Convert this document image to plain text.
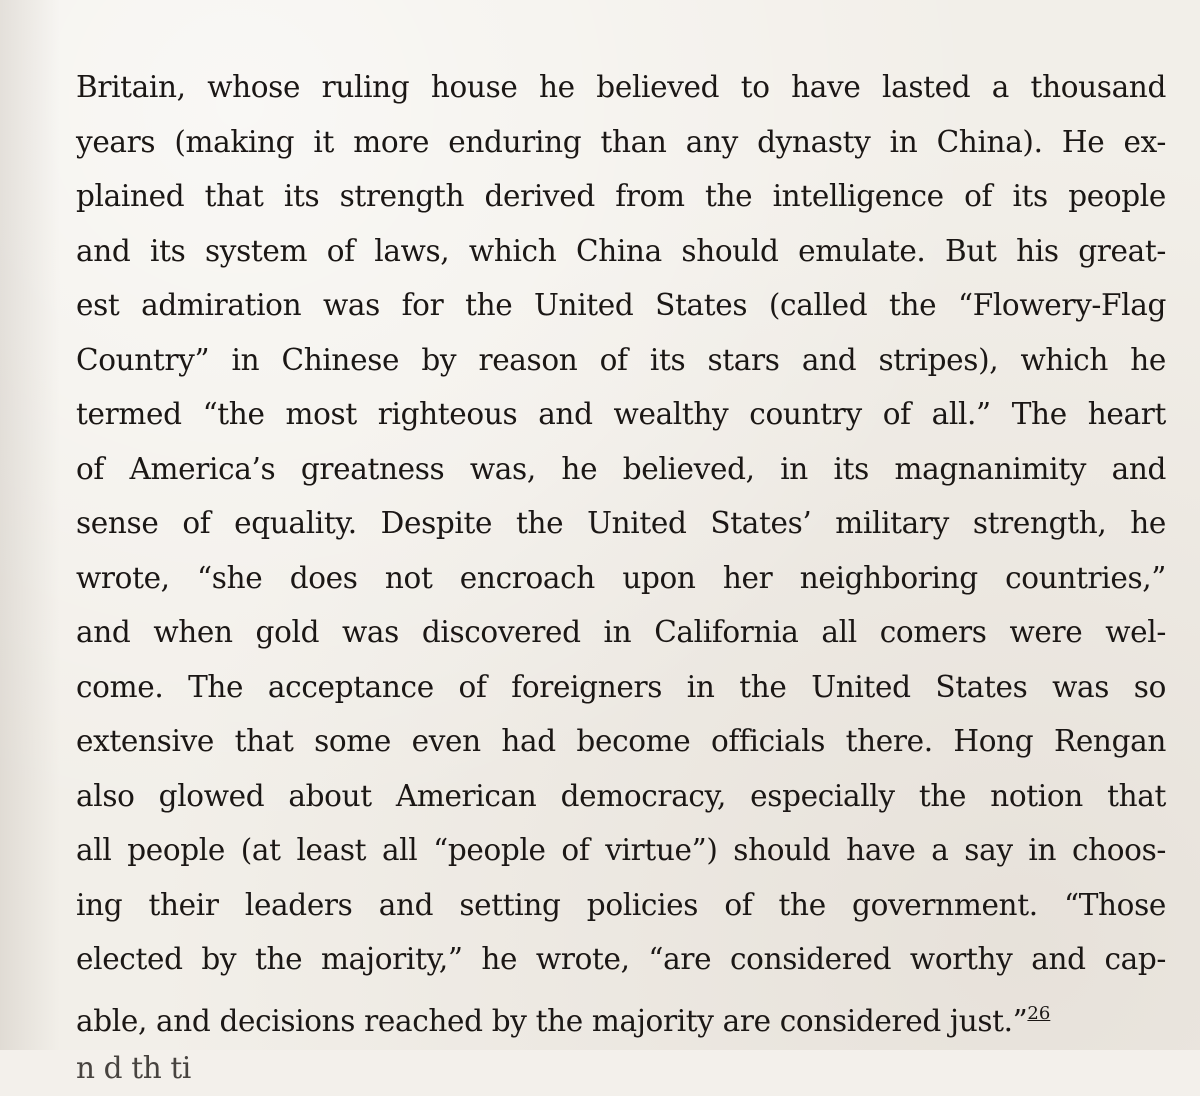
Britain, whose ruling house he believed to have lasted a thousand
years (making it more enduring than any dynasty in China). He ex-
plained that its strength derived from the intelligence of its people
and its system of laws, which China should emulate. But his great-
est admiration was for the United States (called the “Flowery-Flag
Country” in Chinese by reason of its stars and stripes), which he
termed “the most righteous and wealthy country of all.” The heart
of America’s greatness was, he believed, in its magnanimity and
sense of equality. Despite the United States’ military strength, he
wrote, “she does not encroach upon her neighboring countries,”
and when gold was discovered in California all comers were wel-
come. The acceptance of foreigners in the United States was so
extensive that some even had become officials there. Hong Rengan
also glowed about American democracy, especially the notion that
all people (at least all “people of virtue”) should have a say in choos-
ing their leaders and setting policies of the government. “Those
elected by the majority,” he wrote, “are considered worthy and cap-
able, and decisions reached by the majority are considered just.”$^{26}$
n d th ti
